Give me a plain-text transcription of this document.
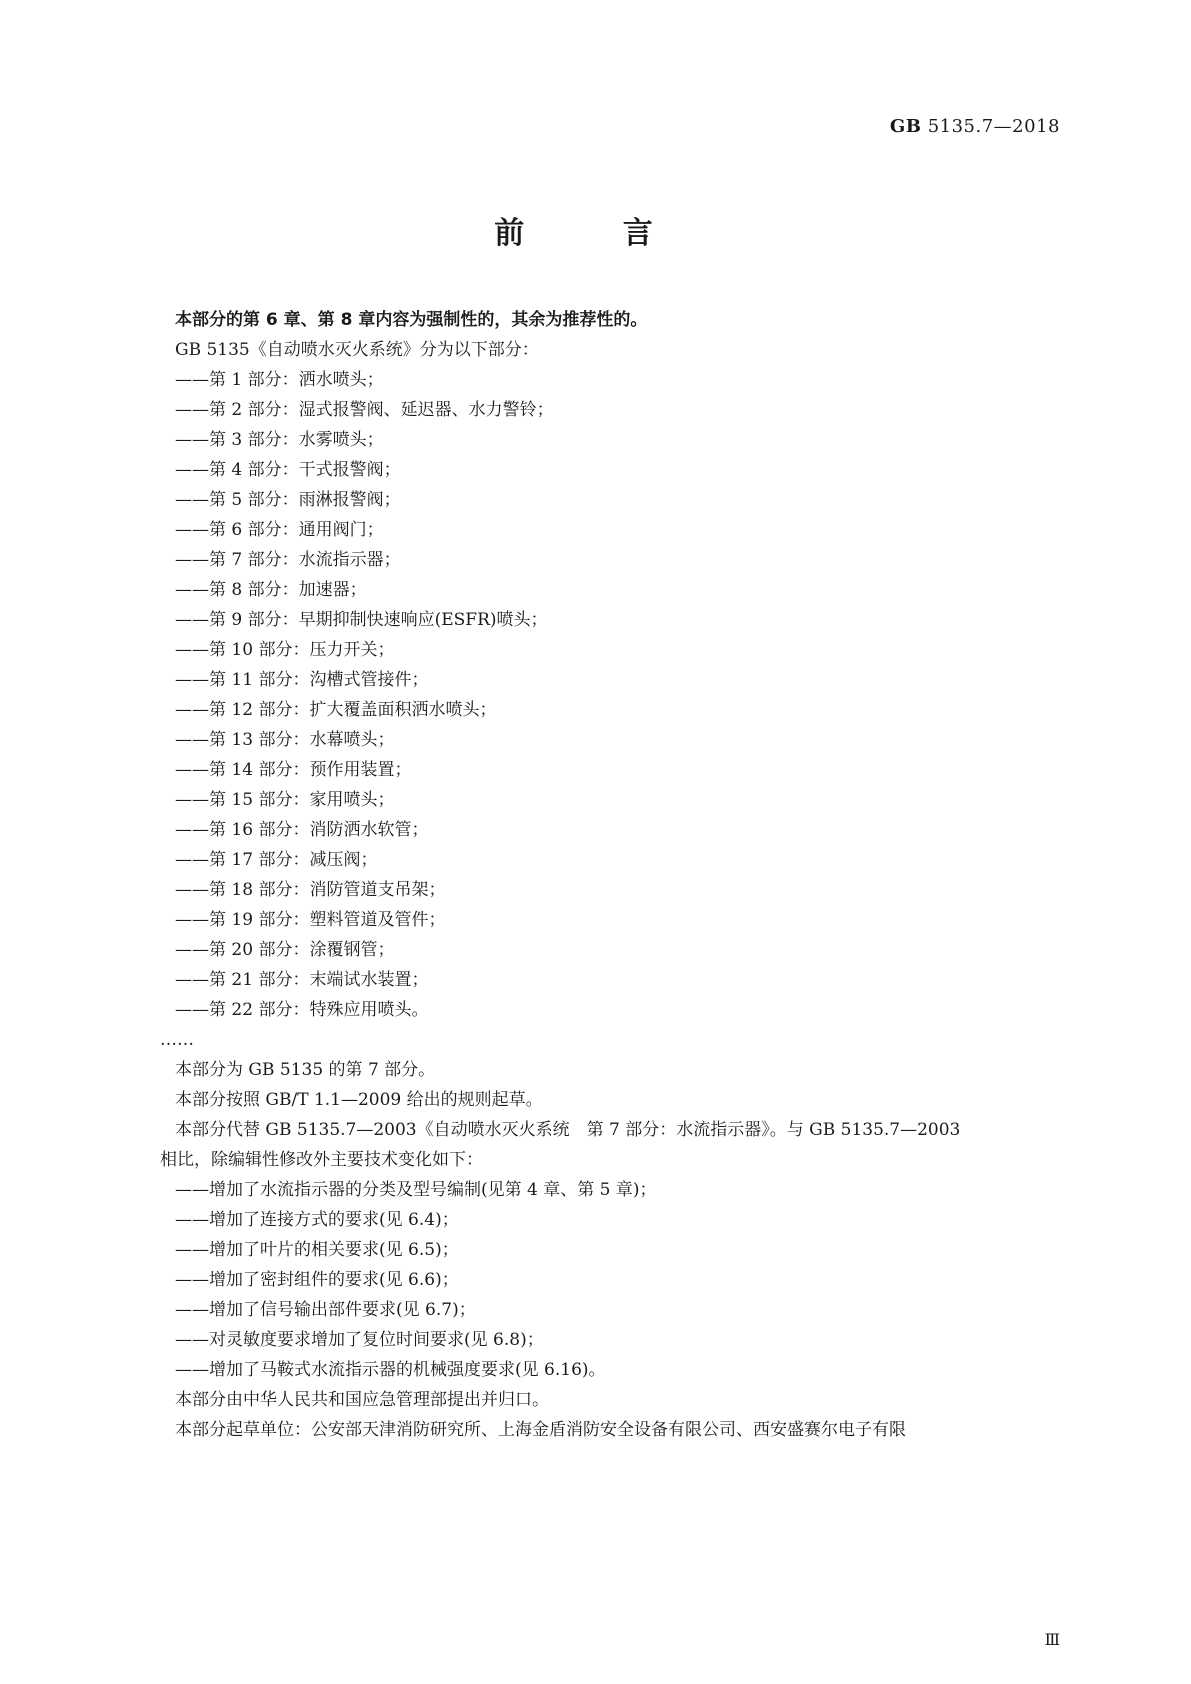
GB 5135.7—2018
前 言
本部分的第 6 章、第 8 章内容为强制性的，其余为推荐性的。
GB 5135《自动喷水灭火系统》分为以下部分：
——第 1 部分：洒水喷头；
——第 2 部分：湿式报警阀、延迟器、水力警铃；
——第 3 部分：水雾喷头；
——第 4 部分：干式报警阀；
——第 5 部分：雨淋报警阀；
——第 6 部分：通用阀门；
——第 7 部分：水流指示器；
——第 8 部分：加速器；
——第 9 部分：早期抑制快速响应(ESFR)喷头；
——第 10 部分：压力开关；
——第 11 部分：沟槽式管接件；
——第 12 部分：扩大覆盖面积洒水喷头；
——第 13 部分：水幕喷头；
——第 14 部分：预作用装置；
——第 15 部分：家用喷头；
——第 16 部分：消防洒水软管；
——第 17 部分：减压阀；
——第 18 部分：消防管道支吊架；
——第 19 部分：塑料管道及管件；
——第 20 部分：涂覆钢管；
——第 21 部分：末端试水装置；
——第 22 部分：特殊应用喷头。
……
本部分为 GB 5135 的第 7 部分。
本部分按照 GB/T 1.1—2009 给出的规则起草。
本部分代替 GB 5135.7—2003《自动喷水灭火系统　第 7 部分：水流指示器》。与 GB 5135.7—2003
相比，除编辑性修改外主要技术变化如下：
——增加了水流指示器的分类及型号编制(见第 4 章、第 5 章)；
——增加了连接方式的要求(见 6.4)；
——增加了叶片的相关要求(见 6.5)；
——增加了密封组件的要求(见 6.6)；
——增加了信号输出部件要求(见 6.7)；
——对灵敏度要求增加了复位时间要求(见 6.8)；
——增加了马鞍式水流指示器的机械强度要求(见 6.16)。
本部分由中华人民共和国应急管理部提出并归口。
本部分起草单位：公安部天津消防研究所、上海金盾消防安全设备有限公司、西安盛赛尔电子有限
Ⅲ
